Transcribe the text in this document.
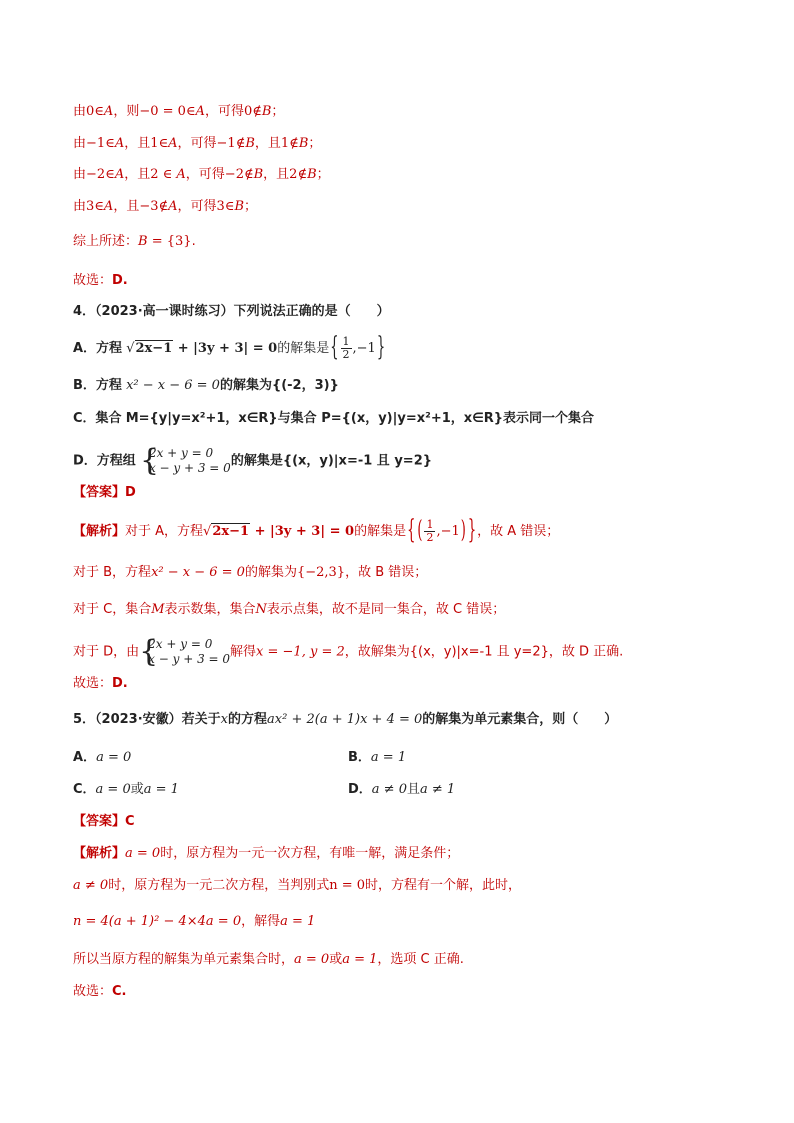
由0∈A，则−0 = 0∈A，可得0∉B；
由−1∈A，且1∈A，可得−1∉B，且1∉B；
由−2∈A，且2 ∈ A，可得−2∉B，且2∉B；
由3∈A，且−3∉A，可得3∈B；
综上所述：B = {3}.
故选：D.
4．（2023·高一课时练习）下列说法正确的是（　　）
A．方程 √2x−1 + |3y + 3| = 0的解集是{ $\frac{1}{2} ,-1$}
B．方程 x² − x − 6 = 0的解集为{(-2，3)}
C．集合 M={y|y=x²+1，x∈R}与集合 P={(x，y)|y=x²+1，x∈R}表示同一个集合
D．方程组 {
2x + y = 0
x − y + 3 = 0 的解集是{(x，y)|x=-1 且 y=2}
【答案】D
【解析】对于 A，方程√2x−1 + |3y + 3| = 0的解集是{ ( $\frac{1}{2} ,-1$) }，故 A 错误；
对于 B，方程x² − x − 6 = 0的解集为{−2,3}，故 B 错误；
对于 C，集合M表示数集，集合N表示点集，故不是同一集合，故 C 错误；
对于 D，由 {
2x + y = 0
x − y + 3 = 0 解得x = −1, y = 2，故解集为{(x，y)|x=-1 且 y=2}，故 D 正确.
故选：D.
5．（2023·安徽）若关于x的方程ax² + 2(a + 1)x + 4 = 0的解集为单元素集合，则（　　）
A．a = 0	B．a = 1
C．a = 0或a = 1	D．a ≠ 0且a ≠ 1
【答案】C
【解析】a = 0时，原方程为一元一次方程，有唯一解，满足条件；
a ≠ 0时，原方程为一元二次方程，当判别式n = 0时，方程有一个解，此时，
n = 4(a + 1)² − 4×4a = 0，解得a = 1
所以当原方程的解集为单元素集合时，a = 0或a = 1，选项 C 正确.
故选：C.
